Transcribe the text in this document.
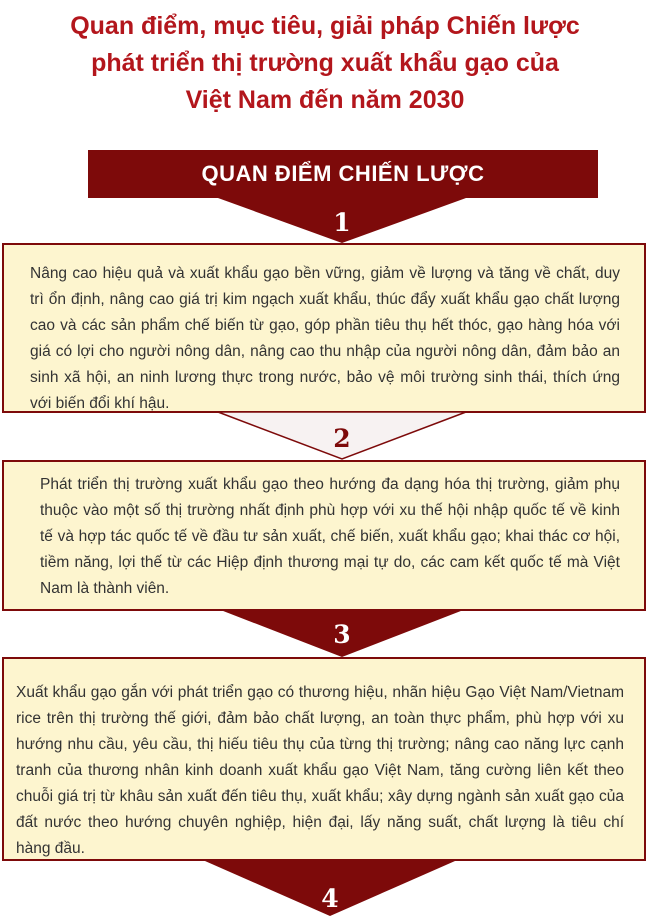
Quan điểm, mục tiêu, giải pháp Chiến lược
phát triển thị trường xuất khẩu gạo của
Việt Nam đến năm 2030
QUAN ĐIỂM CHIẾN LƯỢC
1
Nâng cao hiệu quả và xuất khẩu gạo bền vững, giảm về lượng và tăng về chất, duy trì ổn định, nâng cao giá trị kim ngạch xuất khẩu, thúc đẩy xuất khẩu gạo chất lượng cao và các sản phẩm chế biến từ gạo, góp phần tiêu thụ hết thóc, gạo hàng hóa với giá có lợi cho người nông dân, nâng cao thu nhập của người nông dân, đảm bảo an sinh xã hội, an ninh lương thực trong nước, bảo vệ môi trường sinh thái, thích ứng với biến đổi khí hậu.
2
Phát triển thị trường xuất khẩu gạo theo hướng đa dạng hóa thị trường, giảm phụ thuộc vào một số thị trường nhất định phù hợp với xu thế hội nhập quốc tế về kinh tế và hợp tác quốc tế về đầu tư sản xuất, chế biến, xuất khẩu gạo; khai thác cơ hội, tiềm năng, lợi thế từ các Hiệp định thương mại tự do, các cam kết quốc tế mà Việt Nam là thành viên.
3
Xuất khẩu gạo gắn với phát triển gạo có thương hiệu, nhãn hiệu Gạo Việt Nam/Vietnam rice trên thị trường thế giới, đảm bảo chất lượng, an toàn thực phẩm, phù hợp với xu hướng nhu cầu, yêu cầu, thị hiếu tiêu thụ của từng thị trường; nâng cao năng lực cạnh tranh của thương nhân kinh doanh xuất khẩu gạo Việt Nam, tăng cường liên kết theo chuỗi giá trị từ khâu sản xuất đến tiêu thụ, xuất khẩu; xây dựng ngành sản xuất gạo của đất nước theo hướng chuyên nghiệp, hiện đại, lấy năng suất, chất lượng là tiêu chí hàng đầu.
4
